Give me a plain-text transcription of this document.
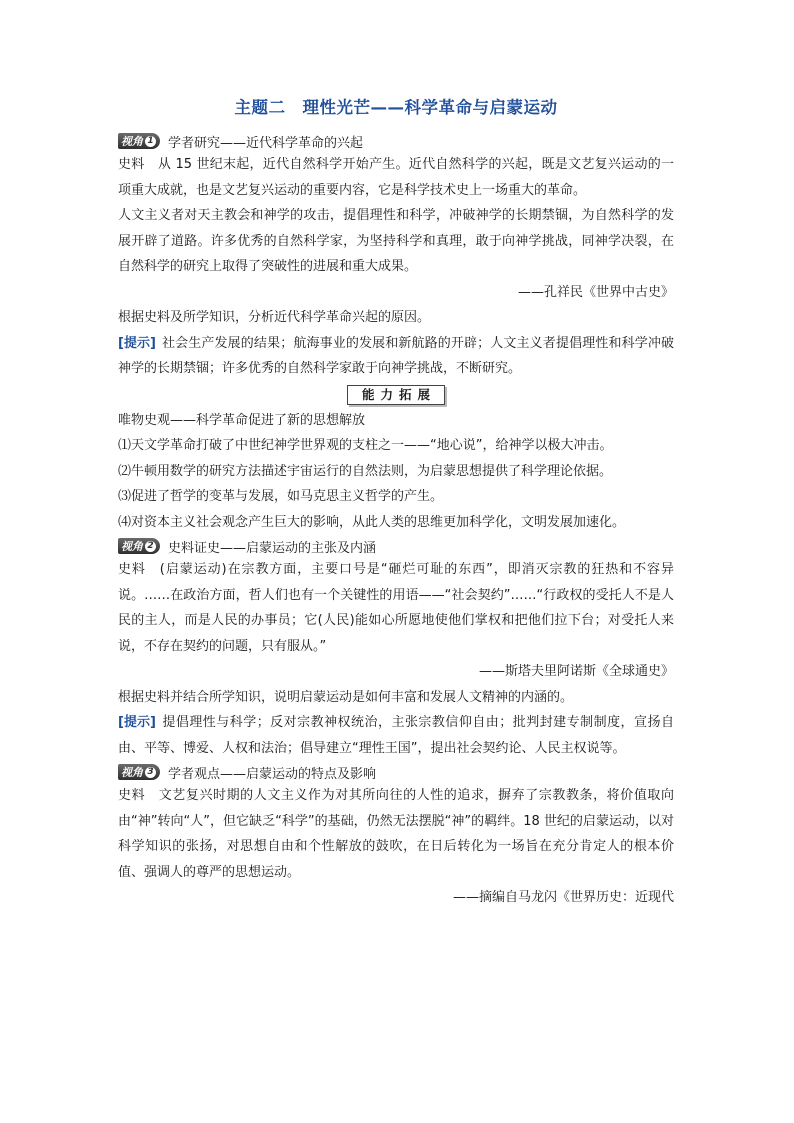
主题二　理性光芒——科学革命与启蒙运动
视角 1 学者研究——近代科学革命的兴起

史料　从 15 世纪末起，近代自然科学开始产生。近代自然科学的兴起，既是文艺复兴运动的一项重大成就，也是文艺复兴运动的重要内容，它是科学技术史上一场重大的革命。

人文主义者对天主教会和神学的攻击，提倡理性和科学，冲破神学的长期禁锢，为自然科学的发展开辟了道路。许多优秀的自然科学家，为坚持科学和真理，敢于向神学挑战，同神学决裂，在自然科学的研究上取得了突破性的进展和重大成果。

——孔祥民《世界中古史》

根据史料及所学知识，分析近代科学革命兴起的原因。

[提示] 社会生产发展的结果；航海事业的发展和新航路的开辟；人文主义者提倡理性和科学冲破神学的长期禁锢；许多优秀的自然科学家敢于向神学挑战，不断研究。

能力拓展

唯物史观——科学革命促进了新的思想解放

⑴天文学革命打破了中世纪神学世界观的支柱之一——“地心说”，给神学以极大冲击。

⑵牛顿用数学的研究方法描述宇宙运行的自然法则，为启蒙思想提供了科学理论依据。

⑶促进了哲学的变革与发展，如马克思主义哲学的产生。

⑷对资本主义社会观念产生巨大的影响，从此人类的思维更加科学化，文明发展加速化。

视角 2 史料证史——启蒙运动的主张及内涵

史料　(启蒙运动)在宗教方面，主要口号是“砸烂可耻的东西”，即消灭宗教的狂热和不容异说。……在政治方面，哲人们也有一个关键性的用语——“社会契约”……“行政权的受托人不是人民的主人，而是人民的办事员；它(人民)能如心所愿地使他们掌权和把他们拉下台；对受托人来说，不存在契约的问题，只有服从。”

——斯塔夫里阿诺斯《全球通史》

根据史料并结合所学知识，说明启蒙运动是如何丰富和发展人文精神的内涵的。

[提示] 提倡理性与科学；反对宗教神权统治，主张宗教信仰自由；批判封建专制制度，宣扬自由、平等、博爱、人权和法治；倡导建立“理性王国”，提出社会契约论、人民主权说等。

视角 3 学者观点——启蒙运动的特点及影响

史料　文艺复兴时期的人文主义作为对其所向往的人性的追求，摒弃了宗教教条，将价值取向由“神”转向“人”，但它缺乏“科学”的基础，仍然无法摆脱“神”的羁绊。18 世纪的启蒙运动，以对科学知识的张扬，对思想自由和个性解放的鼓吹，在日后转化为一场旨在充分肯定人的根本价值、强调人的尊严的思想运动。

——摘编自马龙闪《世界历史：近现代
